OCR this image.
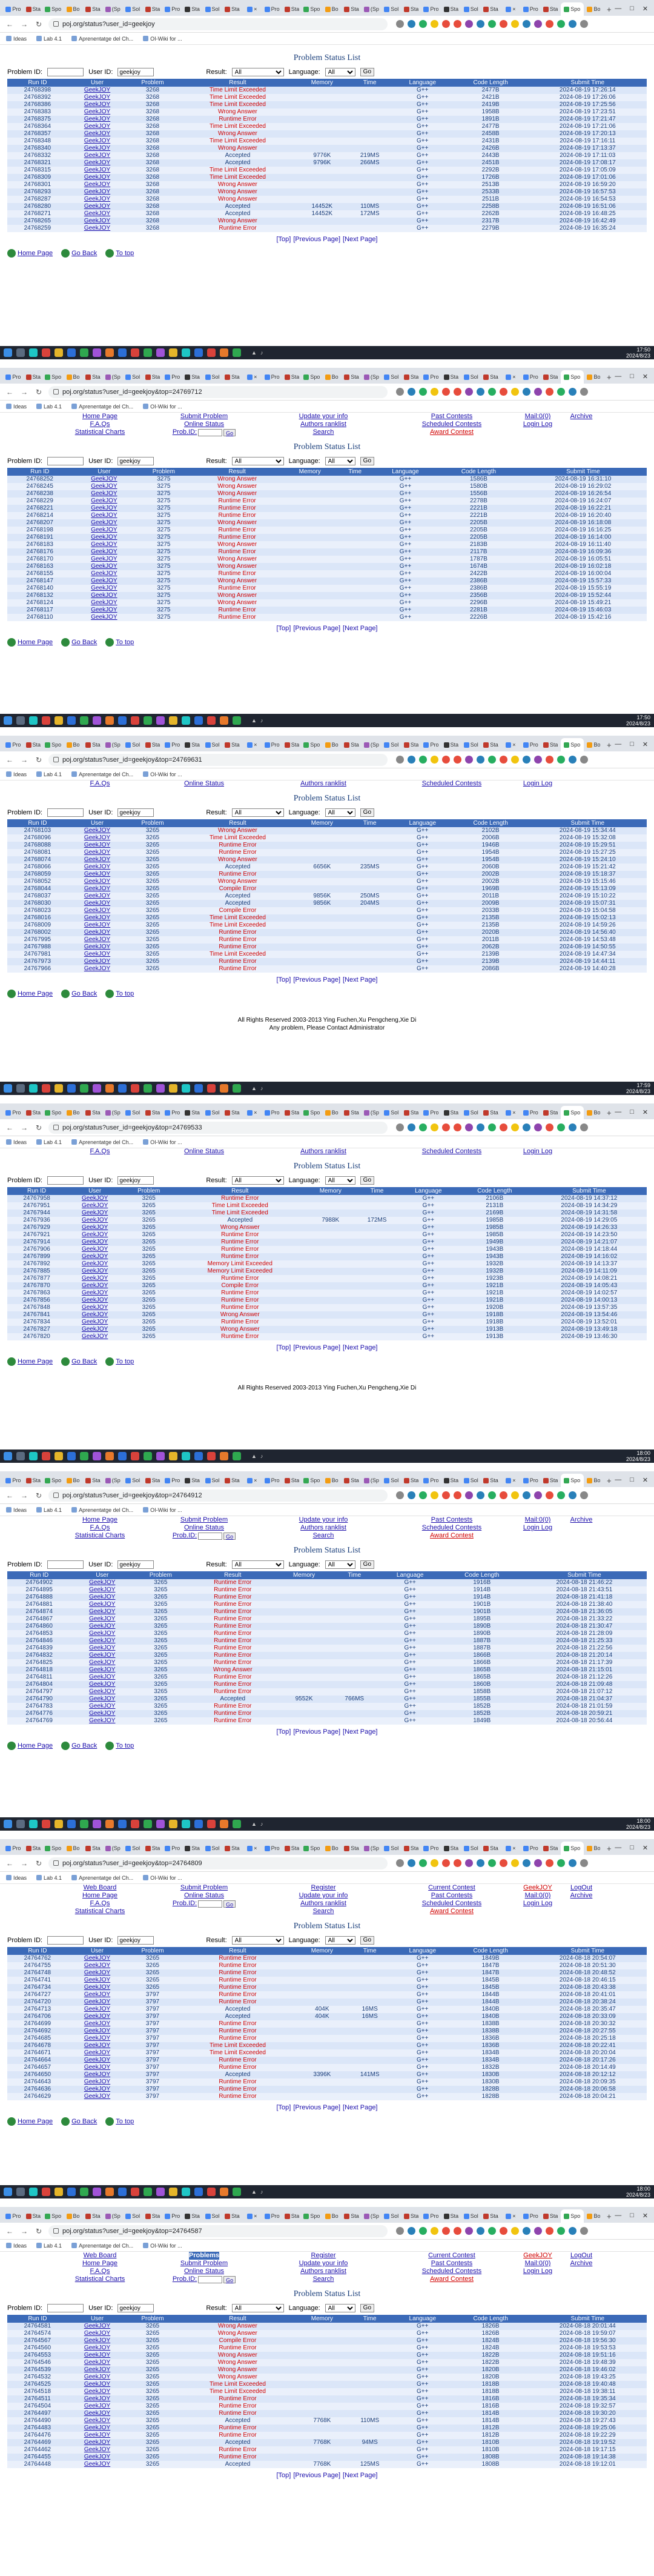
Pro Sta Spo Bo Sta (Sp Sol Sta Pro Sta Sol Sta	×	Pro Sta Spo Bo Sta (Sp Sol Sta Pro Sta Sol Sta	×	Pro Sta Spo Bo + — □ ✕
← → ↻	poj.org/status?user_id=geekjoy
Ideas	Lab 4.1	Aprenentatge del Ch...	OI-Wiki for ...
Problem Status List
Problem ID:	User ID:
geekjoy	Result:
All	Language:
All	Go
Run ID	User	Problem	Result	Memory	Time	Language	Code Length	Submit Time
24768398	GeekJOY	3268	Time Limit Exceeded			G++	2477B	2024-08-19 17:26:14
24768392	GeekJOY	3268	Time Limit Exceeded			G++	2421B	2024-08-19 17:26:06
24768386	GeekJOY	3268	Time Limit Exceeded			G++	2419B	2024-08-19 17:25:56
24768383	GeekJOY	3268	Wrong Answer			G++	1958B	2024-08-19 17:23:51
24768375	GeekJOY	3268	Runtime Error			G++	1891B	2024-08-19 17:21:47
24768364	GeekJOY	3268	Time Limit Exceeded			G++	2477B	2024-08-19 17:21:06
24768357	GeekJOY	3268	Wrong Answer			G++	2458B	2024-08-19 17:20:13
24768348	GeekJOY	3268	Time Limit Exceeded			G++	2431B	2024-08-19 17:16:11
24768340	GeekJOY	3268	Wrong Answer			G++	2426B	2024-08-19 17:13:37
24768332	GeekJOY	3268	Accepted	9776K	219MS	G++	2443B	2024-08-19 17:11:03
24768321	GeekJOY	3268	Accepted	9796K	266MS	G++	2451B	2024-08-19 17:08:17
24768315	GeekJOY	3268	Time Limit Exceeded			G++	2292B	2024-08-19 17:05:09
24768309	GeekJOY	3268	Time Limit Exceeded			G++	1726B	2024-08-19 17:01:06
24768301	GeekJOY	3268	Wrong Answer			G++	2513B	2024-08-19 16:59:20
24768293	GeekJOY	3268	Wrong Answer			G++	2533B	2024-08-19 16:57:53
24768287	GeekJOY	3268	Wrong Answer			G++	2511B	2024-08-19 16:54:53
24768280	GeekJOY	3268	Accepted	14452K	110MS	G++	2258B	2024-08-19 16:51:06
24768271	GeekJOY	3268	Accepted	14452K	172MS	G++	2262B	2024-08-19 16:48:25
24768265	GeekJOY	3268	Wrong Answer			G++	2317B	2024-08-19 16:42:49
24768259	GeekJOY	3268	Runtime Error			G++	2279B	2024-08-19 16:35:24
[Top] [Previous Page] [Next Page]
Home Page	Go Back	To top
▲ ♪	17:50
2024/8/23
Pro Sta Spo Bo Sta (Sp Sol Sta Pro Sta Sol Sta	×	Pro Sta Spo Bo Sta (Sp Sol Sta Pro Sta Sol Sta	×	Pro Sta Spo Bo + — □ ✕
← → ↻	poj.org/status?user_id=geekjoy&top=24769712
Ideas	Lab 4.1	Aprenentatge del Ch...	OI-Wiki for ...
Home Page
F.A.Qs
Statistical Charts
Submit Problem
Online Status
Prob.ID:	Go
Update your info
Authors ranklist
Search
Past Contests
Scheduled Contests
Award Contest
Mail:0(0)
Login Log
Archive
Problem Status List
Problem ID:	User ID:
geekjoy	Result:
All	Language:
All	Go
Run ID	User	Problem	Result	Memory	Time	Language	Code Length	Submit Time
24768252	GeekJOY	3275	Wrong Answer			G++	1586B	2024-08-19 16:31:10
24768245	GeekJOY	3275	Wrong Answer			G++	1580B	2024-08-19 16:29:02
24768238	GeekJOY	3275	Wrong Answer			G++	1556B	2024-08-19 16:26:54
24768229	GeekJOY	3275	Runtime Error			G++	2278B	2024-08-19 16:24:07
24768221	GeekJOY	3275	Runtime Error			G++	2221B	2024-08-19 16:22:21
24768214	GeekJOY	3275	Runtime Error			G++	2221B	2024-08-19 16:20:40
24768207	GeekJOY	3275	Wrong Answer			G++	2205B	2024-08-19 16:18:08
24768198	GeekJOY	3275	Runtime Error			G++	2205B	2024-08-19 16:16:25
24768191	GeekJOY	3275	Runtime Error			G++	2205B	2024-08-19 16:14:00
24768183	GeekJOY	3275	Wrong Answer			G++	2183B	2024-08-19 16:11:40
24768176	GeekJOY	3275	Runtime Error			G++	2117B	2024-08-19 16:09:36
24768170	GeekJOY	3275	Wrong Answer			G++	1787B	2024-08-19 16:05:51
24768163	GeekJOY	3275	Wrong Answer			G++	1674B	2024-08-19 16:02:18
24768155	GeekJOY	3275	Runtime Error			G++	2422B	2024-08-19 16:00:04
24768147	GeekJOY	3275	Wrong Answer			G++	2386B	2024-08-19 15:57:33
24768140	GeekJOY	3275	Runtime Error			G++	2386B	2024-08-19 15:55:19
24768132	GeekJOY	3275	Wrong Answer			G++	2356B	2024-08-19 15:52:44
24768124	GeekJOY	3275	Wrong Answer			G++	2296B	2024-08-19 15:49:21
24768117	GeekJOY	3275	Runtime Error			G++	2281B	2024-08-19 15:46:03
24768110	GeekJOY	3275	Runtime Error			G++	2226B	2024-08-19 15:42:16
[Top] [Previous Page] [Next Page]
Home Page	Go Back	To top
▲ ♪	17:50
2024/8/23
Pro Sta Spo Bo Sta (Sp Sol Sta Pro Sta Sol Sta	×	Pro Sta Spo Bo Sta (Sp Sol Sta Pro Sta Sol Sta	×	Pro Sta Spo Bo + — □ ✕
← → ↻	poj.org/status?user_id=geekjoy&top=24769631
Ideas	Lab 4.1	Aprenentatge del Ch...	OI-Wiki for ...
F.A.Qs	Online Status	Authors ranklist	Scheduled Contests	Login Log
Problem Status List
Problem ID:	User ID:
geekjoy	Result:
All	Language:
All	Go
Run ID	User	Problem	Result	Memory	Time	Language	Code Length	Submit Time
24768103	GeekJOY	3265	Wrong Answer			G++	2102B	2024-08-19 15:34:44
24768096	GeekJOY	3265	Time Limit Exceeded			G++	2006B	2024-08-19 15:32:08
24768088	GeekJOY	3265	Runtime Error			G++	1946B	2024-08-19 15:29:51
24768081	GeekJOY	3265	Runtime Error			G++	1954B	2024-08-19 15:27:25
24768074	GeekJOY	3265	Wrong Answer			G++	1954B	2024-08-19 15:24:10
24768066	GeekJOY	3265	Accepted	6656K	235MS	G++	2060B	2024-08-19 15:21:42
24768059	GeekJOY	3265	Runtime Error			G++	2002B	2024-08-19 15:18:37
24768052	GeekJOY	3265	Wrong Answer			G++	2002B	2024-08-19 15:15:46
24768044	GeekJOY	3265	Compile Error			G++	1969B	2024-08-19 15:13:09
24768037	GeekJOY	3265	Accepted	9856K	250MS	G++	2011B	2024-08-19 15:10:22
24768030	GeekJOY	3265	Accepted	9856K	204MS	G++	2009B	2024-08-19 15:07:31
24768023	GeekJOY	3265	Compile Error			G++	2033B	2024-08-19 15:04:58
24768016	GeekJOY	3265	Time Limit Exceeded			G++	2135B	2024-08-19 15:02:13
24768009	GeekJOY	3265	Time Limit Exceeded			G++	2135B	2024-08-19 14:59:26
24768002	GeekJOY	3265	Runtime Error			G++	2020B	2024-08-19 14:56:40
24767995	GeekJOY	3265	Runtime Error			G++	2011B	2024-08-19 14:53:48
24767988	GeekJOY	3265	Runtime Error			G++	2062B	2024-08-19 14:50:55
24767981	GeekJOY	3265	Time Limit Exceeded			G++	2139B	2024-08-19 14:47:34
24767973	GeekJOY	3265	Runtime Error			G++	2139B	2024-08-19 14:44:11
24767966	GeekJOY	3265	Runtime Error			G++	2086B	2024-08-19 14:40:28
[Top] [Previous Page] [Next Page]
Home Page	Go Back	To top
All Rights Reserved 2003-2013 Ying Fuchen,Xu Pengcheng,Xie Di
Any problem, Please Contact Administrator
▲ ♪	17:59
2024/8/23
Pro Sta Spo Bo Sta (Sp Sol Sta Pro Sta Sol Sta	×	Pro Sta Spo Bo Sta (Sp Sol Sta Pro Sta Sol Sta	×	Pro Sta Spo Bo + — □ ✕
← → ↻	poj.org/status?user_id=geekjoy&top=24769533
Ideas	Lab 4.1	Aprenentatge del Ch...	OI-Wiki for ...
F.A.Qs	Online Status	Authors ranklist	Scheduled Contests	Login Log
Problem Status List
Problem ID:	User ID:
geekjoy	Result:
All	Language:
All	Go
Run ID	User	Problem	Result	Memory	Time	Language	Code Length	Submit Time
24767958	GeekJOY	3265	Runtime Error			G++	2106B	2024-08-19 14:37:12
24767951	GeekJOY	3265	Time Limit Exceeded			G++	2131B	2024-08-19 14:34:29
24767944	GeekJOY	3265	Time Limit Exceeded			G++	2169B	2024-08-19 14:31:58
24767936	GeekJOY	3265	Accepted	7988K	172MS	G++	1985B	2024-08-19 14:29:05
24767929	GeekJOY	3265	Wrong Answer			G++	1985B	2024-08-19 14:26:33
24767921	GeekJOY	3265	Runtime Error			G++	1985B	2024-08-19 14:23:50
24767914	GeekJOY	3265	Runtime Error			G++	1949B	2024-08-19 14:21:07
24767906	GeekJOY	3265	Runtime Error			G++	1943B	2024-08-19 14:18:44
24767899	GeekJOY	3265	Runtime Error			G++	1943B	2024-08-19 14:16:02
24767892	GeekJOY	3265	Memory Limit Exceeded			G++	1932B	2024-08-19 14:13:37
24767885	GeekJOY	3265	Memory Limit Exceeded			G++	1932B	2024-08-19 14:11:09
24767877	GeekJOY	3265	Runtime Error			G++	1923B	2024-08-19 14:08:21
24767870	GeekJOY	3265	Compile Error			G++	1921B	2024-08-19 14:05:43
24767863	GeekJOY	3265	Runtime Error			G++	1921B	2024-08-19 14:02:57
24767856	GeekJOY	3265	Runtime Error			G++	1921B	2024-08-19 14:00:13
24767848	GeekJOY	3265	Runtime Error			G++	1920B	2024-08-19 13:57:35
24767841	GeekJOY	3265	Wrong Answer			G++	1918B	2024-08-19 13:54:46
24767834	GeekJOY	3265	Runtime Error			G++	1918B	2024-08-19 13:52:01
24767827	GeekJOY	3265	Wrong Answer			G++	1913B	2024-08-19 13:49:18
24767820	GeekJOY	3265	Runtime Error			G++	1913B	2024-08-19 13:46:30
[Top] [Previous Page] [Next Page]
Home Page	Go Back	To top
All Rights Reserved 2003-2013 Ying Fuchen,Xu Pengcheng,Xie Di
▲ ♪	18:00
2024/8/23
Pro Sta Spo Bo Sta (Sp Sol Sta Pro Sta Sol Sta	×	Pro Sta Spo Bo Sta (Sp Sol Sta Pro Sta Sol Sta	×	Pro Sta Spo Bo + — □ ✕
← → ↻	poj.org/status?user_id=geekjoy&top=24764912
Ideas	Lab 4.1	Aprenentatge del Ch...	OI-Wiki for ...
Home Page
F.A.Qs
Statistical Charts
Submit Problem
Online Status
Prob.ID:	Go
Update your info
Authors ranklist
Search
Past Contests
Scheduled Contests
Award Contest
Mail:0(0)
Login Log
Archive
Problem Status List
Problem ID:	User ID:
geekjoy	Result:
All	Language:
All	Go
Run ID	User	Problem	Result	Memory	Time	Language	Code Length	Submit Time
24764902	GeekJOY	3265	Runtime Error			G++	1916B	2024-08-18 21:46:22
24764895	GeekJOY	3265	Runtime Error			G++	1914B	2024-08-18 21:43:51
24764888	GeekJOY	3265	Runtime Error			G++	1914B	2024-08-18 21:41:18
24764881	GeekJOY	3265	Runtime Error			G++	1901B	2024-08-18 21:38:40
24764874	GeekJOY	3265	Runtime Error			G++	1901B	2024-08-18 21:36:05
24764867	GeekJOY	3265	Runtime Error			G++	1895B	2024-08-18 21:33:22
24764860	GeekJOY	3265	Runtime Error			G++	1890B	2024-08-18 21:30:47
24764853	GeekJOY	3265	Runtime Error			G++	1890B	2024-08-18 21:28:09
24764846	GeekJOY	3265	Runtime Error			G++	1887B	2024-08-18 21:25:33
24764839	GeekJOY	3265	Runtime Error			G++	1887B	2024-08-18 21:22:56
24764832	GeekJOY	3265	Runtime Error			G++	1866B	2024-08-18 21:20:14
24764825	GeekJOY	3265	Runtime Error			G++	1866B	2024-08-18 21:17:39
24764818	GeekJOY	3265	Wrong Answer			G++	1865B	2024-08-18 21:15:01
24764811	GeekJOY	3265	Runtime Error			G++	1865B	2024-08-18 21:12:26
24764804	GeekJOY	3265	Runtime Error			G++	1860B	2024-08-18 21:09:48
24764797	GeekJOY	3265	Runtime Error			G++	1858B	2024-08-18 21:07:12
24764790	GeekJOY	3265	Accepted	9552K	766MS	G++	1855B	2024-08-18 21:04:37
24764783	GeekJOY	3265	Runtime Error			G++	1852B	2024-08-18 21:01:59
24764776	GeekJOY	3265	Runtime Error			G++	1852B	2024-08-18 20:59:21
24764769	GeekJOY	3265	Runtime Error			G++	1849B	2024-08-18 20:56:44
[Top] [Previous Page] [Next Page]
Home Page	Go Back	To top
▲ ♪	18:00
2024/8/23
Pro Sta Spo Bo Sta (Sp Sol Sta Pro Sta Sol Sta	×	Pro Sta Spo Bo Sta (Sp Sol Sta Pro Sta Sol Sta	×	Pro Sta Spo Bo + — □ ✕
← → ↻	poj.org/status?user_id=geekjoy&top=24764809
Ideas	Lab 4.1	Aprenentatge del Ch...	OI-Wiki for ...
Web Board
Home Page
F.A.Qs
Statistical Charts
Submit Problem
Online Status
Prob.ID:	Go
Register
Update your info
Authors ranklist
Search
Current Contest
Past Contests
Scheduled Contests
Award Contest
GeekJOY
Mail:0(0)
Login Log
LogOut
Archive
Problem Status List
Problem ID:	User ID:
geekjoy	Result:
All	Language:
All	Go
Run ID	User	Problem	Result	Memory	Time	Language	Code Length	Submit Time
24764762	GeekJOY	3265	Runtime Error			G++	1849B	2024-08-18 20:54:07
24764755	GeekJOY	3265	Runtime Error			G++	1847B	2024-08-18 20:51:30
24764748	GeekJOY	3265	Runtime Error			G++	1847B	2024-08-18 20:48:52
24764741	GeekJOY	3265	Runtime Error			G++	1845B	2024-08-18 20:46:15
24764734	GeekJOY	3265	Runtime Error			G++	1845B	2024-08-18 20:43:38
24764727	GeekJOY	3797	Runtime Error			G++	1844B	2024-08-18 20:41:01
24764720	GeekJOY	3797	Runtime Error			G++	1844B	2024-08-18 20:38:24
24764713	GeekJOY	3797	Accepted	404K	16MS	G++	1840B	2024-08-18 20:35:47
24764706	GeekJOY	3797	Accepted	404K	16MS	G++	1840B	2024-08-18 20:33:09
24764699	GeekJOY	3797	Runtime Error			G++	1838B	2024-08-18 20:30:32
24764692	GeekJOY	3797	Runtime Error			G++	1838B	2024-08-18 20:27:55
24764685	GeekJOY	3797	Runtime Error			G++	1836B	2024-08-18 20:25:18
24764678	GeekJOY	3797	Time Limit Exceeded			G++	1836B	2024-08-18 20:22:41
24764671	GeekJOY	3797	Time Limit Exceeded			G++	1834B	2024-08-18 20:20:04
24764664	GeekJOY	3797	Runtime Error			G++	1834B	2024-08-18 20:17:26
24764657	GeekJOY	3797	Runtime Error			G++	1832B	2024-08-18 20:14:49
24764650	GeekJOY	3797	Accepted	3396K	141MS	G++	1830B	2024-08-18 20:12:12
24764643	GeekJOY	3797	Runtime Error			G++	1830B	2024-08-18 20:09:35
24764636	GeekJOY	3797	Runtime Error			G++	1828B	2024-08-18 20:06:58
24764629	GeekJOY	3797	Runtime Error			G++	1828B	2024-08-18 20:04:21
[Top] [Previous Page] [Next Page]
Home Page	Go Back	To top
▲ ♪	18:00
2024/8/23
Pro Sta Spo Bo Sta (Sp Sol Sta Pro Sta Sol Sta	×	Pro Sta Spo Bo Sta (Sp Sol Sta Pro Sta Sol Sta	×	Pro Sta Spo Bo + — □ ✕
← → ↻	poj.org/status?user_id=geekjoy&top=24764587
Ideas	Lab 4.1	Aprenentatge del Ch...	OI-Wiki for ...
Web Board
Home Page
F.A.Qs
Statistical Charts
Problems
Submit Problem
Online Status
Prob.ID:	Go
Register
Update your info
Authors ranklist
Search
Current Contest
Past Contests
Scheduled Contests
Award Contest
GeekJOY
Mail:0(0)
Login Log
LogOut
Archive
Problem Status List
Problem ID:	User ID:
geekjoy	Result:
All	Language:
All	Go
Run ID	User	Problem	Result	Memory	Time	Language	Code Length	Submit Time
24764581	GeekJOY	3265	Wrong Answer			G++	1826B	2024-08-18 20:01:44
24764574	GeekJOY	3265	Wrong Answer			G++	1826B	2024-08-18 19:59:07
24764567	GeekJOY	3265	Compile Error			G++	1824B	2024-08-18 19:56:30
24764560	GeekJOY	3265	Runtime Error			G++	1824B	2024-08-18 19:53:53
24764553	GeekJOY	3265	Wrong Answer			G++	1822B	2024-08-18 19:51:16
24764546	GeekJOY	3265	Wrong Answer			G++	1822B	2024-08-18 19:48:39
24764539	GeekJOY	3265	Wrong Answer			G++	1820B	2024-08-18 19:46:02
24764532	GeekJOY	3265	Wrong Answer			G++	1820B	2024-08-18 19:43:25
24764525	GeekJOY	3265	Time Limit Exceeded			G++	1818B	2024-08-18 19:40:48
24764518	GeekJOY	3265	Time Limit Exceeded			G++	1818B	2024-08-18 19:38:11
24764511	GeekJOY	3265	Runtime Error			G++	1816B	2024-08-18 19:35:34
24764504	GeekJOY	3265	Runtime Error			G++	1816B	2024-08-18 19:32:57
24764497	GeekJOY	3265	Runtime Error			G++	1814B	2024-08-18 19:30:20
24764490	GeekJOY	3265	Accepted	7768K	110MS	G++	1814B	2024-08-18 19:27:43
24764483	GeekJOY	3265	Runtime Error			G++	1812B	2024-08-18 19:25:06
24764476	GeekJOY	3265	Runtime Error			G++	1812B	2024-08-18 19:22:29
24764469	GeekJOY	3265	Accepted	7768K	94MS	G++	1810B	2024-08-18 19:19:52
24764462	GeekJOY	3265	Runtime Error			G++	1810B	2024-08-18 19:17:15
24764455	GeekJOY	3265	Runtime Error			G++	1808B	2024-08-18 19:14:38
24764448	GeekJOY	3265	Accepted	7768K	125MS	G++	1808B	2024-08-18 19:12:01
[Top] [Previous Page] [Next Page]
